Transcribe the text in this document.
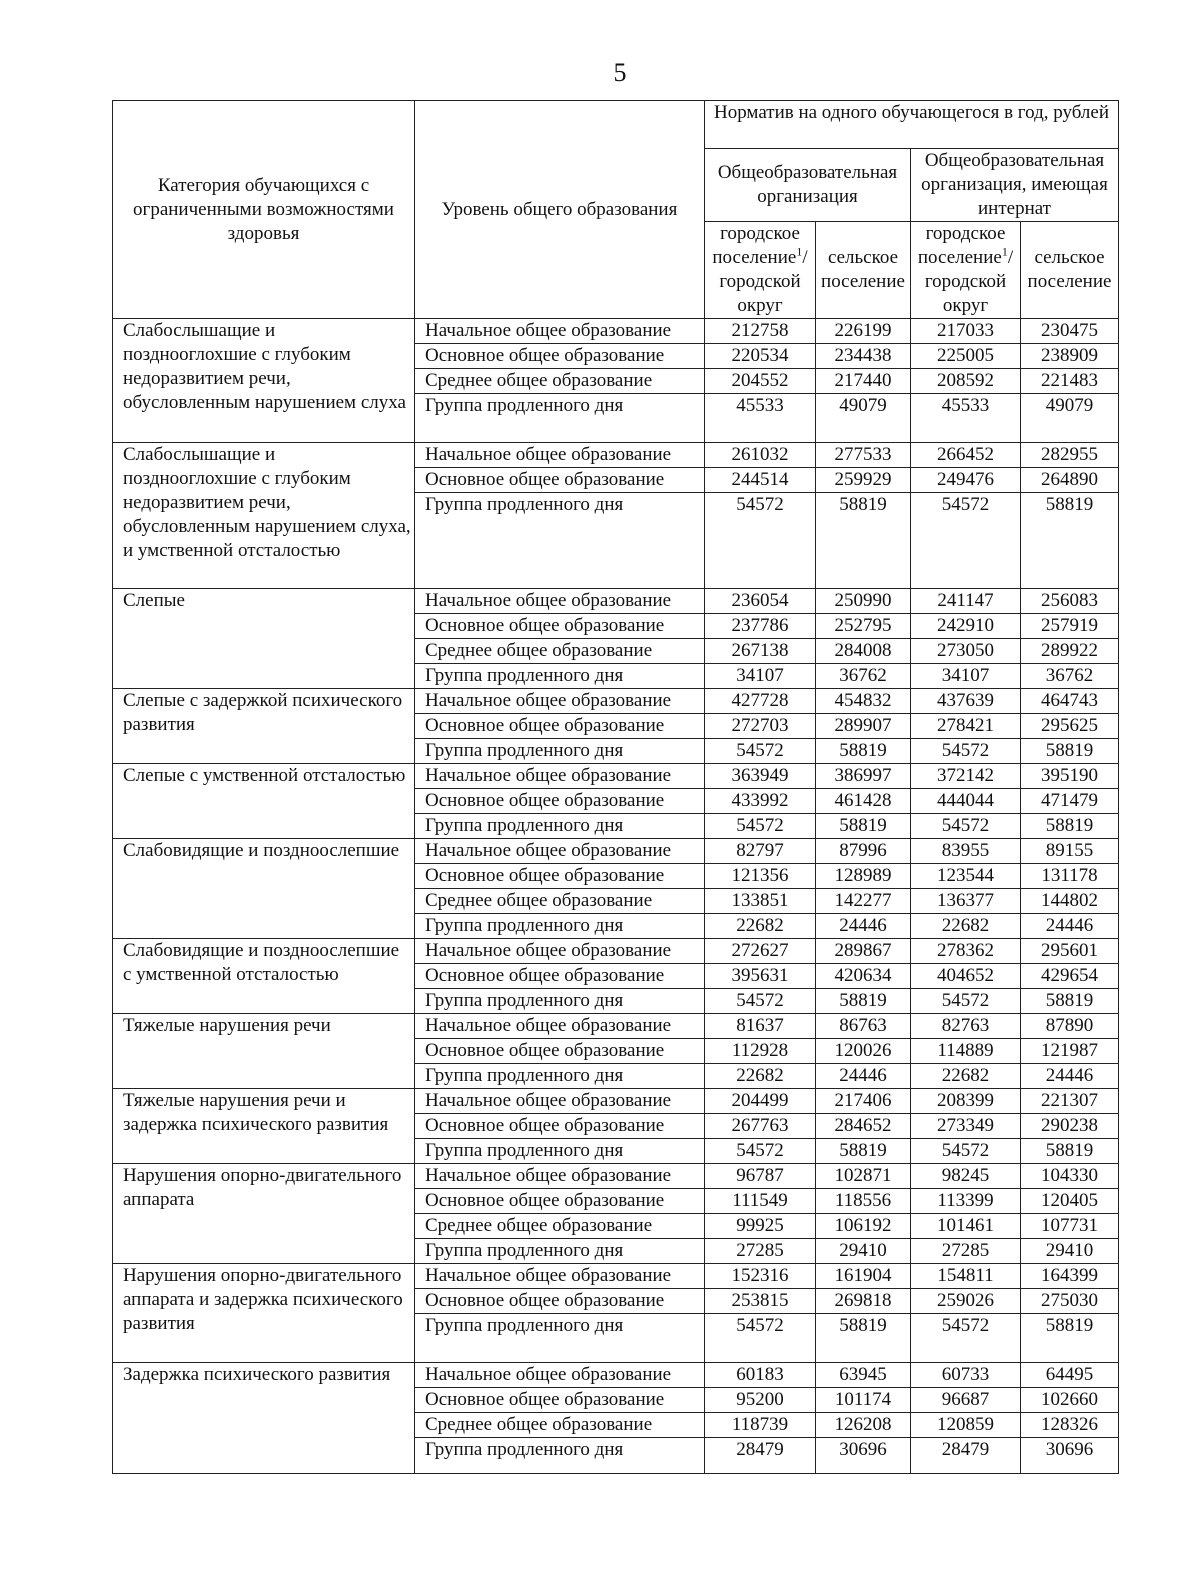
5
Категория обучающихся с ограниченными возможностями здоровья	Уровень общего образования	Норматив на одного обучающегося в год, рублей			
		Общеобразовательная организация		Общеобразовательная организация, имеющая интернат	
		городское поселение$^1$/ городской округ	сельское поселение	городское поселение$^1$/ городской округ	сельское поселение
Слабослышащие и позднооглохшие с глубоким недоразвитием речи, обусловленным нарушением слуха	Начальное общее образование	212758	226199	217033	230475
	Основное общее образование	220534	234438	225005	238909
	Среднее общее образование	204552	217440	208592	221483
	Группа продленного дня	45533	49079	45533	49079
Слабослышащие и позднооглохшие с глубоким недоразвитием речи, обусловленным нарушением слуха, и умственной отсталостью	Начальное общее образование	261032	277533	266452	282955
	Основное общее образование	244514	259929	249476	264890
	Группа продленного дня	54572	58819	54572	58819
Слепые	Начальное общее образование	236054	250990	241147	256083
	Основное общее образование	237786	252795	242910	257919
	Среднее общее образование	267138	284008	273050	289922
	Группа продленного дня	34107	36762	34107	36762
Слепые с задержкой психического развития	Начальное общее образование	427728	454832	437639	464743
	Основное общее образование	272703	289907	278421	295625
	Группа продленного дня	54572	58819	54572	58819
Слепые с умственной отсталостью	Начальное общее образование	363949	386997	372142	395190
	Основное общее образование	433992	461428	444044	471479
	Группа продленного дня	54572	58819	54572	58819
Слабовидящие и поздноослепшие	Начальное общее образование	82797	87996	83955	89155
	Основное общее образование	121356	128989	123544	131178
	Среднее общее образование	133851	142277	136377	144802
	Группа продленного дня	22682	24446	22682	24446
Слабовидящие и поздноослепшие с умственной отсталостью	Начальное общее образование	272627	289867	278362	295601
	Основное общее образование	395631	420634	404652	429654
	Группа продленного дня	54572	58819	54572	58819
Тяжелые нарушения речи	Начальное общее образование	81637	86763	82763	87890
	Основное общее образование	112928	120026	114889	121987
	Группа продленного дня	22682	24446	22682	24446
Тяжелые нарушения речи и задержка психического развития	Начальное общее образование	204499	217406	208399	221307
	Основное общее образование	267763	284652	273349	290238
	Группа продленного дня	54572	58819	54572	58819
Нарушения опорно-двигательного аппарата	Начальное общее образование	96787	102871	98245	104330
	Основное общее образование	111549	118556	113399	120405
	Среднее общее образование	99925	106192	101461	107731
	Группа продленного дня	27285	29410	27285	29410
Нарушения опорно-двигательного аппарата и задержка психического развития	Начальное общее образование	152316	161904	154811	164399
	Основное общее образование	253815	269818	259026	275030
	Группа продленного дня	54572	58819	54572	58819
Задержка психического развития	Начальное общее образование	60183	63945	60733	64495
	Основное общее образование	95200	101174	96687	102660
	Среднее общее образование	118739	126208	120859	128326
	Группа продленного дня	28479	30696	28479	30696
